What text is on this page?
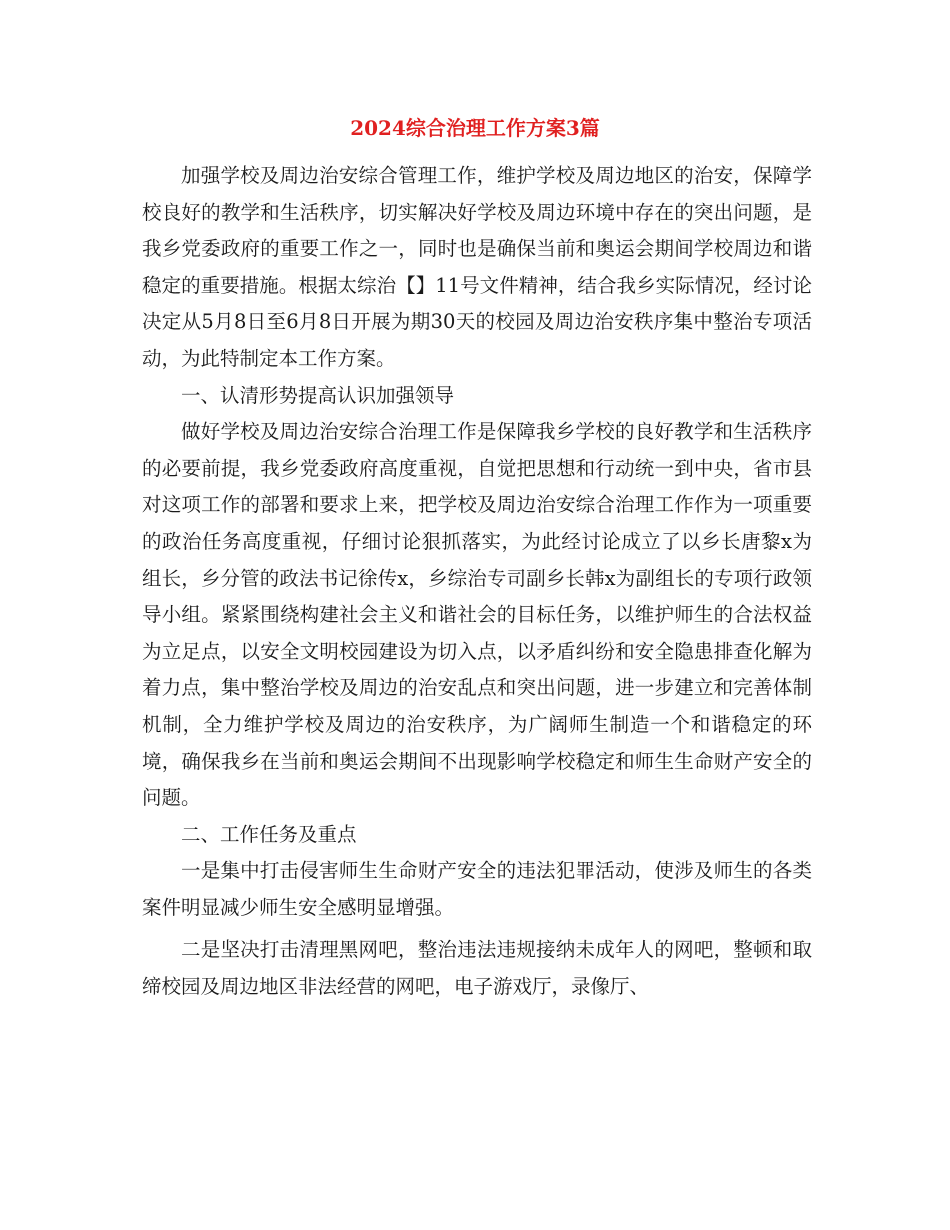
2024综合治理工作方案3篇

加强学校及周边治安综合管理工作，维护学校及周边地区的治安，保障学校良好的教学和生活秩序，切实解决好学校及周边环境中存在的突出问题，是我乡党委政府的重要工作之一，同时也是确保当前和奥运会期间学校周边和谐稳定的重要措施。根据太综治【】11号文件精神，结合我乡实际情况，经讨论决定从5月8日至6月8日开展为期30天的校园及周边治安秩序集中整治专项活动，为此特制定本工作方案。

一、认清形势提高认识加强领导

做好学校及周边治安综合治理工作是保障我乡学校的良好教学和生活秩序的必要前提，我乡党委政府高度重视，自觉把思想和行动统一到中央，省市县对这项工作的部署和要求上来，把学校及周边治安综合治理工作作为一项重要的政治任务高度重视，仔细讨论狠抓落实，为此经讨论成立了以乡长唐黎x为组长，乡分管的政法书记徐传x，乡综治专司副乡长韩x为副组长的专项行政领导小组。紧紧围绕构建社会主义和谐社会的目标任务，以维护师生的合法权益为立足点，以安全文明校园建设为切入点，以矛盾纠纷和安全隐患排查化解为着力点，集中整治学校及周边的治安乱点和突出问题，进一步建立和完善体制机制，全力维护学校及周边的治安秩序，为广阔师生制造一个和谐稳定的环境，确保我乡在当前和奥运会期间不出现影响学校稳定和师生生命财产安全的问题。

二、工作任务及重点

一是集中打击侵害师生生命财产安全的违法犯罪活动，使涉及师生的各类案件明显减少师生安全感明显增强。

二是坚决打击清理黑网吧，整治违法违规接纳未成年人的网吧，整顿和取缔校园及周边地区非法经营的网吧，电子游戏厅，录像厅、
